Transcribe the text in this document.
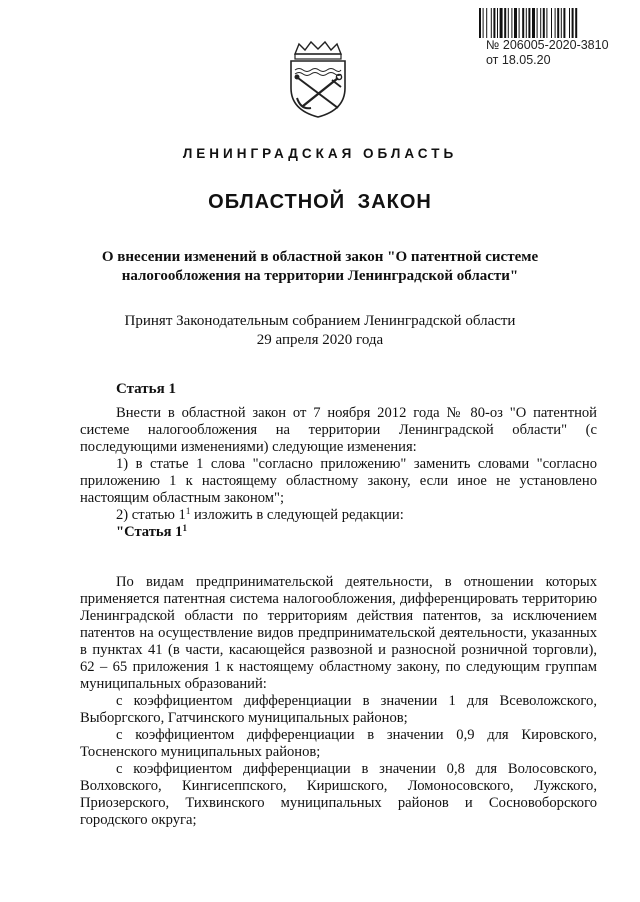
№ 206005-2020-3810
от 18.05.20
ЛЕНИНГРАДСКАЯ ОБЛАСТЬ
ОБЛАСТНОЙ ЗАКОН
О внесении изменений в областной закон "О патентной системе
налогообложения на территории Ленинградской области"
Принят Законодательным собранием Ленинградской области
29 апреля 2020 года
Статья 1

Внести в областной закон от 7 ноября 2012 года № 80-оз "О патентной системе налогообложения на территории Ленинградской области" (с последующими изменениями) следующие изменения:

1) в статье 1 слова "согласно приложению" заменить словами "согласно приложению 1 к настоящему областному закону, если иное не установлено настоящим областным законом";

2) статью $1^1$ изложить в следующей редакции:

"Статья $1^1$

По видам предпринимательской деятельности, в отношении которых применяется патентная система налогообложения, дифференцировать территорию Ленинградской области по территориям действия патентов, за исключением патентов на осуществление видов предпринимательской деятельности, указанных в пунктах 41 (в части, касающейся развозной и разносной розничной торговли), 62 – 65 приложения 1 к настоящему областному закону, по следующим группам муниципальных образований:

с коэффициентом дифференциации в значении 1 для Всеволожского, Выборгского, Гатчинского муниципальных районов;

с коэффициентом дифференциации в значении 0,9 для Кировского, Тосненского муниципальных районов;

с коэффициентом дифференциации в значении 0,8 для Волосовского, Волховского, Кингисеппского, Киришского, Ломоносовского, Лужского, Приозерского, Тихвинского муниципальных районов и Сосновоборского городского округа;
